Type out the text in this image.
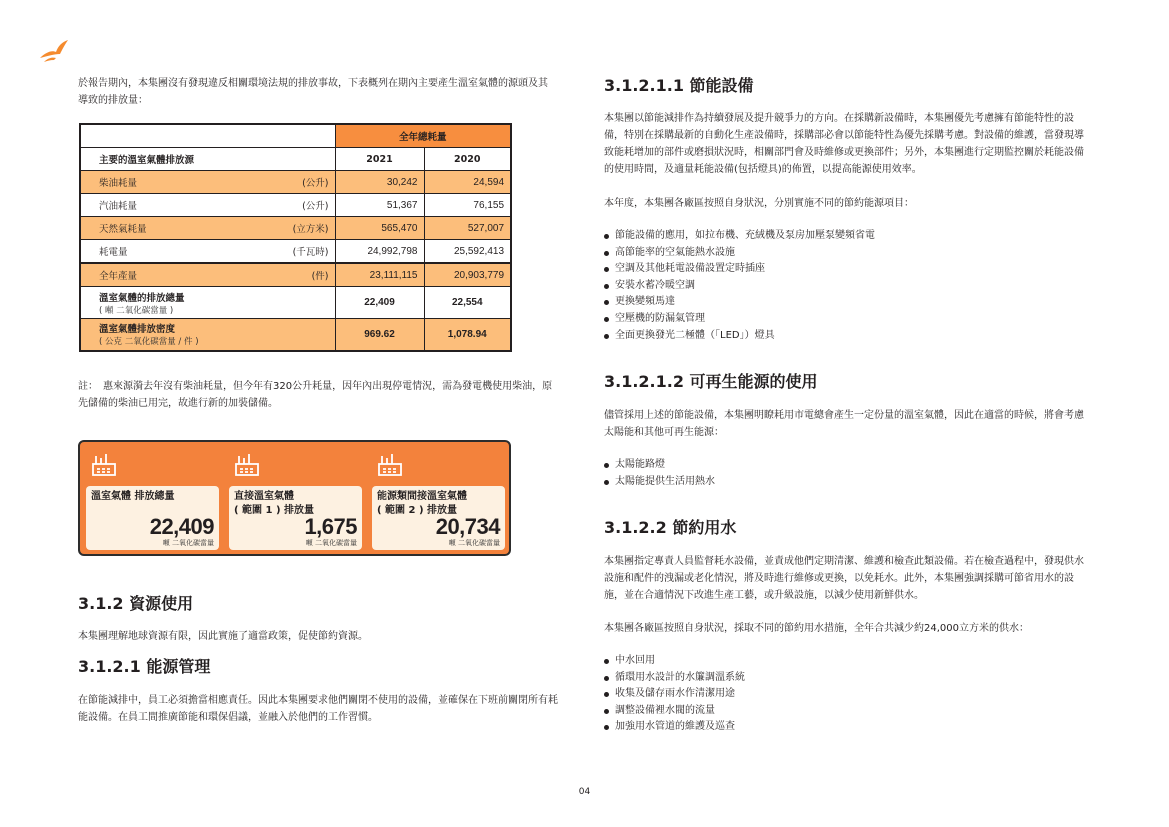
於報告期內，本集團沒有發現違反相關環境法規的排放事故，下表概列在期內主要產生溫室氣體的源頭及其導致的排放量：

	全年總耗量	
主要的溫室氣體排放源	2021	2020

柴油耗量 (公升)	30,242	24,594

汽油耗量 (公升)	51,367	76,155

天然氣耗量 (立方米)	565,470	527,007

耗電量 (千瓦時)	24,992,798	25,592,413

全年產量 (件)	23,111,115	20,903,779
溫室氣體的排放總量
( 噸 二氧化碳當量 )	22,409	22,554
溫室氣體排放密度
( 公克 二氧化碳當量 / 件 )	969.62	1,078.94

註：　惠來源漪去年沒有柴油耗量，但今年有320公升耗量，因年內出現停電情況，需為發電機使用柴油，原先儲備的柴油已用完，故進行新的加裝儲備。

溫室氣體 排放總量

22,409
噸 二氧化碳當量
直接溫室氣體
( 範圍 1 ) 排放量
1,675
噸 二氧化碳當量
能源類間接溫室氣體
( 範圍 2 ) 排放量
20,734
噸 二氧化碳當量
3.1.2 資源使用

本集團理解地球資源有限，因此實施了適當政策，促使節約資源。

3.1.2.1 能源管理

在節能減排中，員工必須擔當相應責任。因此本集團要求他們關閉不使用的設備，並確保在下班前關閉所有耗能設備。在員工間推廣節能和環保倡議，並融入於他們的工作習慣。

3.1.2.1.1 節能設備

本集團以節能減排作為持續發展及提升競爭力的方向。在採購新設備時，本集團優先考慮擁有節能特性的設備，特別在採購最新的自動化生產設備時，採購部必會以節能特性為優先採購考慮。對設備的維護，當發現導致能耗增加的部件或磨損狀況時，相關部門會及時維修或更換部件；另外，本集團進行定期監控關於耗能設備的使用時間，及適量耗能設備(包括燈具)的佈置，以提高能源使用效率。

本年度，本集團各廠區按照自身狀況，分別實施不同的節約能源項目：

節能設備的應用，如拉布機、充絨機及泵房加壓泵變頻省電
高節能率的空氣能熱水設施
空調及其他耗電設備設置定時插座
安裝水蓄冷暖空調
更換變頻馬達
空壓機的防漏氣管理
全面更換發光二極體（「LED」）燈具
3.1.2.1.2 可再生能源的使用

儘管採用上述的節能設備，本集團明瞭耗用市電總會產生一定份量的溫室氣體，因此在適當的時候，將會考慮太陽能和其他可再生能源：

太陽能路燈
太陽能提供生活用熱水
3.1.2.2 節約用水

本集團指定專責人員監督耗水設備，並責成他們定期清潔、維護和檢查此類設備。若在檢查過程中，發現供水設施和配件的洩漏或老化情況，將及時進行維修或更換，以免耗水。此外，本集團強調採購可節省用水的設施，並在合適情況下改進生產工藝，或升級設施，以減少使用新鮮供水。

本集團各廠區按照自身狀況，採取不同的節約用水措施，全年合共減少約24,000立方米的供水：

中水回用
循環用水設計的水簾調溫系統
收集及儲存雨水作清潔用途
調整設備裡水閥的流量
加強用水管道的維護及巡查
04
